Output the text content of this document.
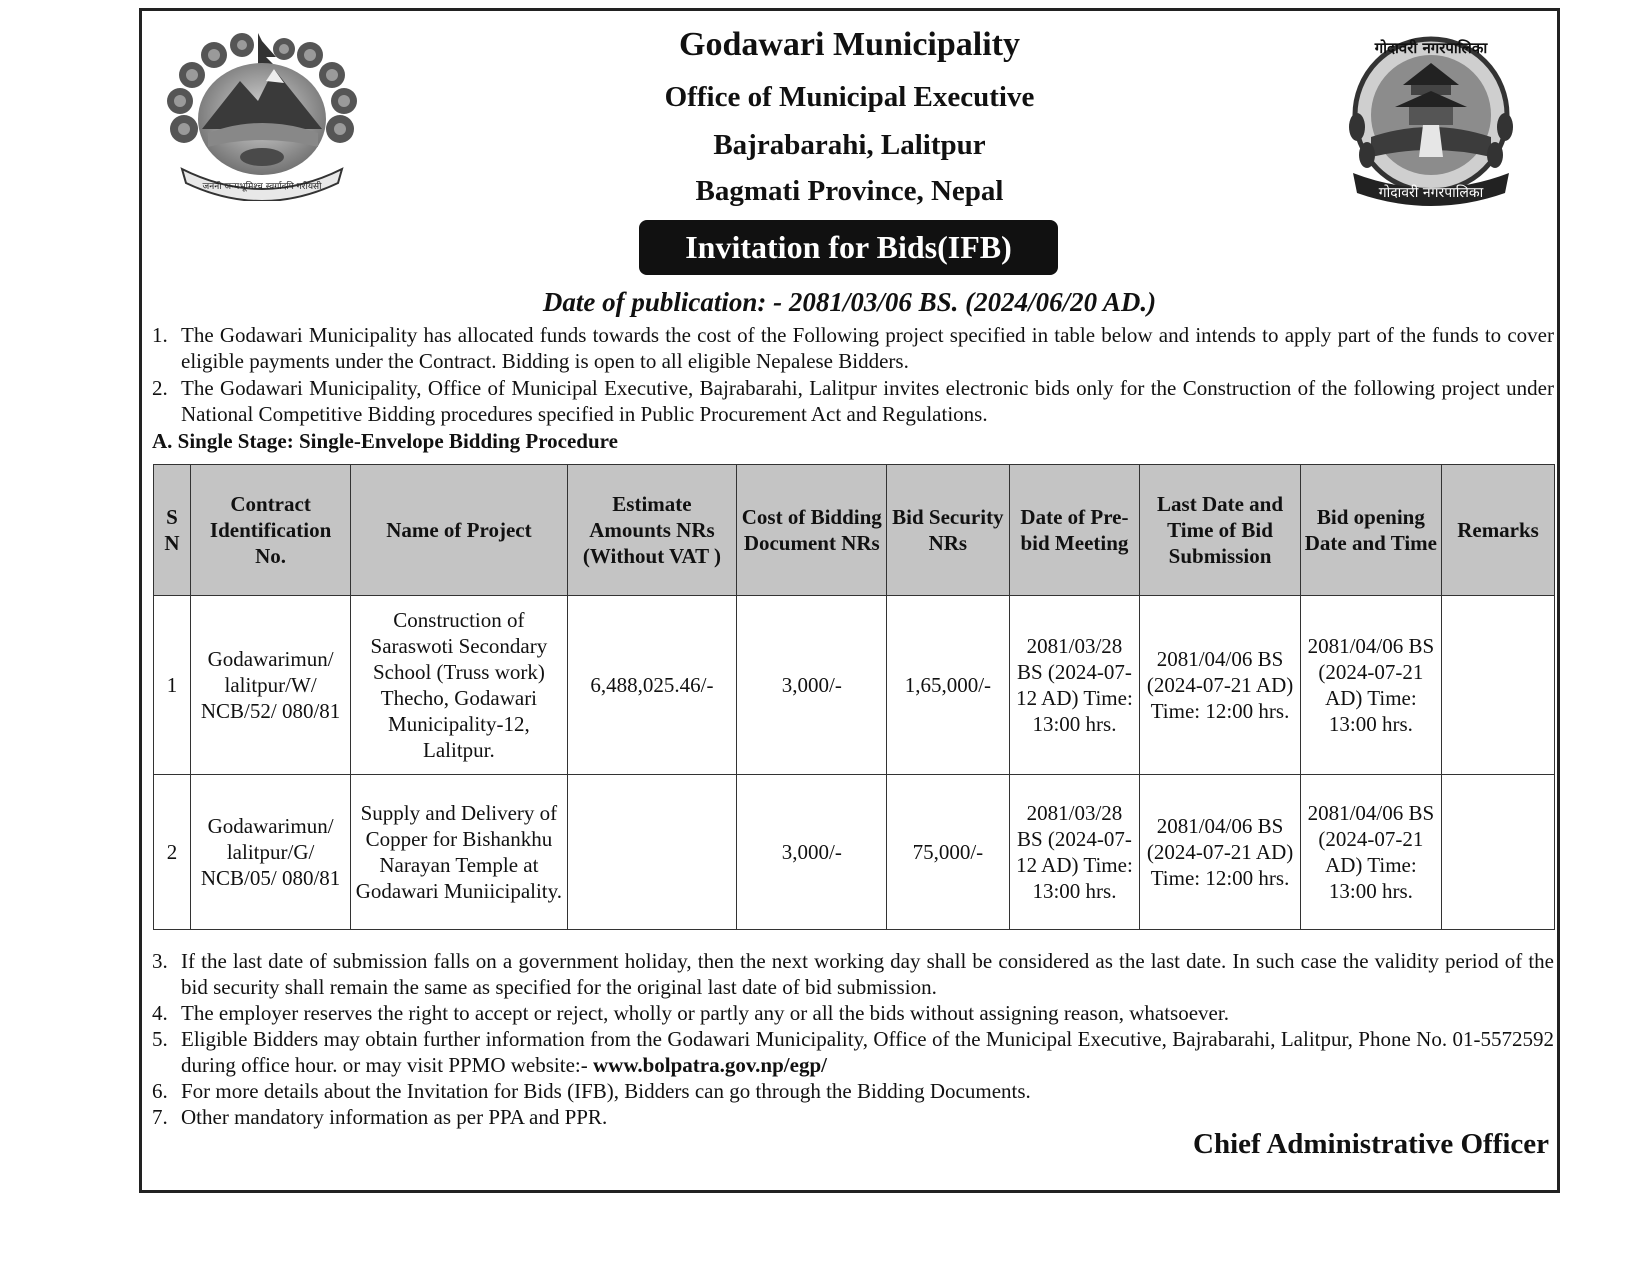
जननी जन्मभूमिश्च स्वर्गादपि गरीयसी
गोदावरी नगरपालिका
गोदावरी नगरपालिका
Godawari Municipality
Office of Municipal Executive
Bajrabarahi, Lalitpur
Bagmati Province, Nepal
Invitation for Bids(IFB)
Date of publication: - 2081/03/06 BS. (2024/06/20 AD.)
1. The Godawari Municipality has allocated funds towards the cost of the Following project specified in table below and intends to apply part of the funds to cover eligible payments under the Contract. Bidding is open to all eligible Nepalese Bidders.
2. The Godawari Municipality, Office of Municipal Executive, Bajrabarahi, Lalitpur invites electronic bids only for the Construction of the following project under National Competitive Bidding procedures specified in Public Procurement Act and Regulations.
A. Single Stage: Single-Envelope Bidding Procedure
S N	Contract Identification No.	Name of Project	Estimate Amounts NRs (Without VAT )	Cost of Bidding Document NRs	Bid Security NRs	Date of Pre-bid Meeting	Last Date and Time of Bid Submission	Bid opening Date and Time	Remarks
1	Godawarimun/ lalitpur/W/ NCB/52/ 080/81	Construction of Saraswoti Secondary School (Truss work) Thecho, Godawari Municipality-12, Lalitpur.	6,488,025.46/-	3,000/-	1,65,000/-	2081/03/28 BS (2024-07-12 AD) Time: 13:00 hrs.	2081/04/06 BS (2024-07-21 AD) Time: 12:00 hrs.	2081/04/06 BS (2024-07-21 AD) Time: 13:00 hrs.	
2	Godawarimun/ lalitpur/G/ NCB/05/ 080/81	Supply and Delivery of Copper for Bishankhu Narayan Temple at Godawari Muniicipality.		3,000/-	75,000/-	2081/03/28 BS (2024-07-12 AD) Time: 13:00 hrs.	2081/04/06 BS (2024-07-21 AD) Time: 12:00 hrs.	2081/04/06 BS (2024-07-21 AD) Time: 13:00 hrs.	
3. If the last date of submission falls on a government holiday, then the next working day shall be considered as the last date. In such case the validity period of the bid security shall remain the same as specified for the original last date of bid submission.
4. The employer reserves the right to accept or reject, wholly or partly any or all the bids without assigning reason, whatsoever.
5. Eligible Bidders may obtain further information from the Godawari Municipality, Office of the Municipal Executive, Bajrabarahi, Lalitpur, Phone No. 01-5572592 during office hour. or may visit PPMO website:- www.bolpatra.gov.np/egp/
6. For more details about the Invitation for Bids (IFB), Bidders can go through the Bidding Documents.
7. Other mandatory information as per PPA and PPR.
Chief Administrative Officer
